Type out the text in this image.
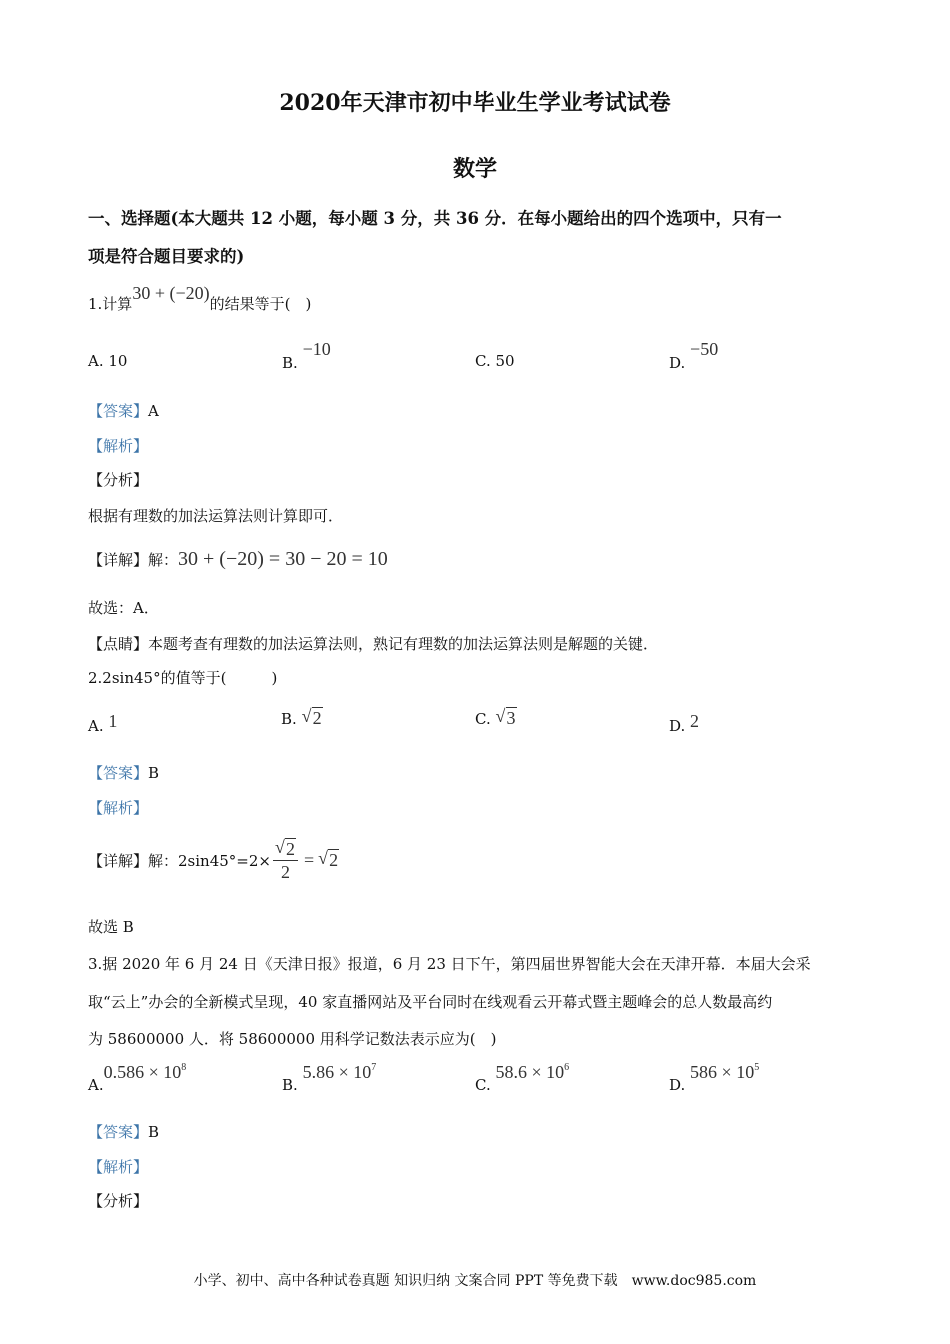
2020年天津市初中毕业生学业考试试卷
数学
一、选择题(本大题共 12 小题，每小题 3 分，共 36 分．在每小题给出的四个选项中，只有一
项是符合题目要求的)
1.计算30 + (−20)的结果等于(　)
A. 10	B. −10
C. 50	D. −50
【答案】A
【解析】
【分析】
根据有理数的加法运算法则计算即可．
【详解】解：30 + (−20) = 30 − 20 = 10
故选：A．
【点睛】本题考查有理数的加法运算法则，熟记有理数的加法运算法则是解题的关键．
2.2sin45°的值等于(　　　)
A. 1	B. √ 2	C. √ 3	D. 2
【答案】B
【解析】
【详解】 解：$2\sin 45^\circ=2\times \frac{√ 2}{2}$ = √ 2
故选 B
3.据 2020 年 6 月 24 日《天津日报》报道，6 月 23 日下午，第四届世界智能大会在天津开幕．本届大会采
取“云上”办会的全新模式呈现，40 家直播网站及平台同时在线观看云开幕式暨主题峰会的总人数最高约
为 58600000 人．将 58600000 用科学记数法表示应为(　)
$A.0.586 \times 10^8$
B. $5.86 \times 10^7$
C. $58.6 \times 10^6$
D. $586 \times 10^5$
【答案】B
【解析】
【分析】
小学、初中、高中各种试卷真题 知识归纳 文案合同 PPT 等免费下载　www.doc985.com
